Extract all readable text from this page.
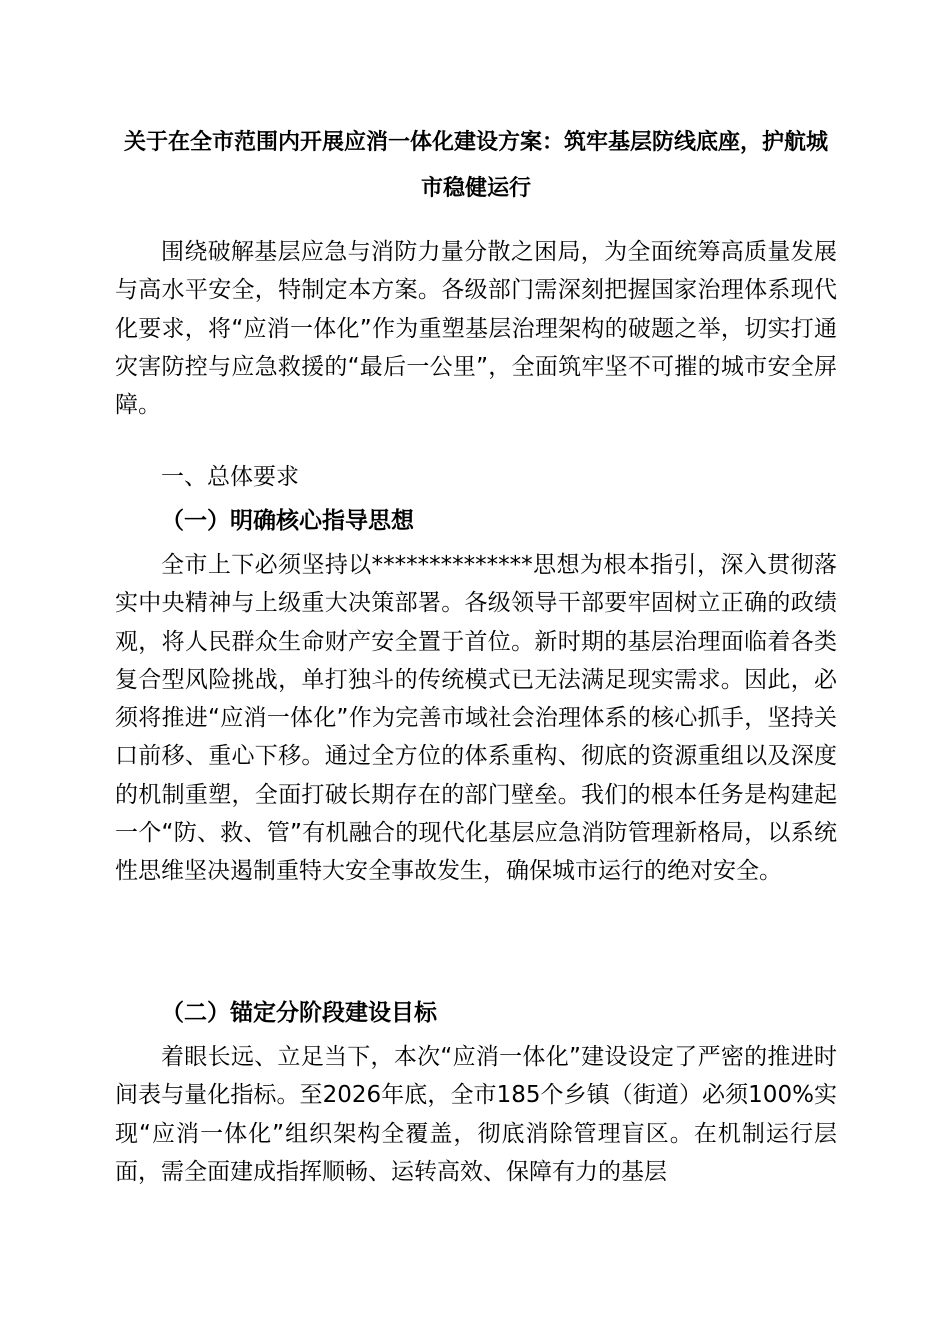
关于在全市范围内开展应消一体化建设方案：筑牢基层防线底座，护航城市稳健运行

围绕破解基层应急与消防力量分散之困局，为全面统筹高质量发展与高水平安全，特制定本方案。各级部门需深刻把握国家治理体系现代化要求，将“应消一体化”作为重塑基层治理架构的破题之举，切实打通灾害防控与应急救援的“最后一公里”，全面筑牢坚不可摧的城市安全屏障。

一、总体要求

（一）明确核心指导思想

全市上下必须坚持以**************思想为根本指引，深入贯彻落实中央精神与上级重大决策部署。各级领导干部要牢固树立正确的政绩观，将人民群众生命财产安全置于首位。新时期的基层治理面临着各类复合型风险挑战，单打独斗的传统模式已无法满足现实需求。因此，必须将推进“应消一体化”作为完善市域社会治理体系的核心抓手，坚持关口前移、重心下移。通过全方位的体系重构、彻底的资源重组以及深度的机制重塑，全面打破长期存在的部门壁垒。我们的根本任务是构建起一个“防、救、管”有机融合的现代化基层应急消防管理新格局，以系统性思维坚决遏制重特大安全事故发生，确保城市运行的绝对安全。

（二）锚定分阶段建设目标

着眼长远、立足当下，本次“应消一体化”建设设定了严密的推进时间表与量化指标。至2026年底，全市185个乡镇（街道）必须100%实现“应消一体化”组织架构全覆盖，彻底消除管理盲区。在机制运行层面，需全面建成指挥顺畅、运转高效、保障有力的基层
